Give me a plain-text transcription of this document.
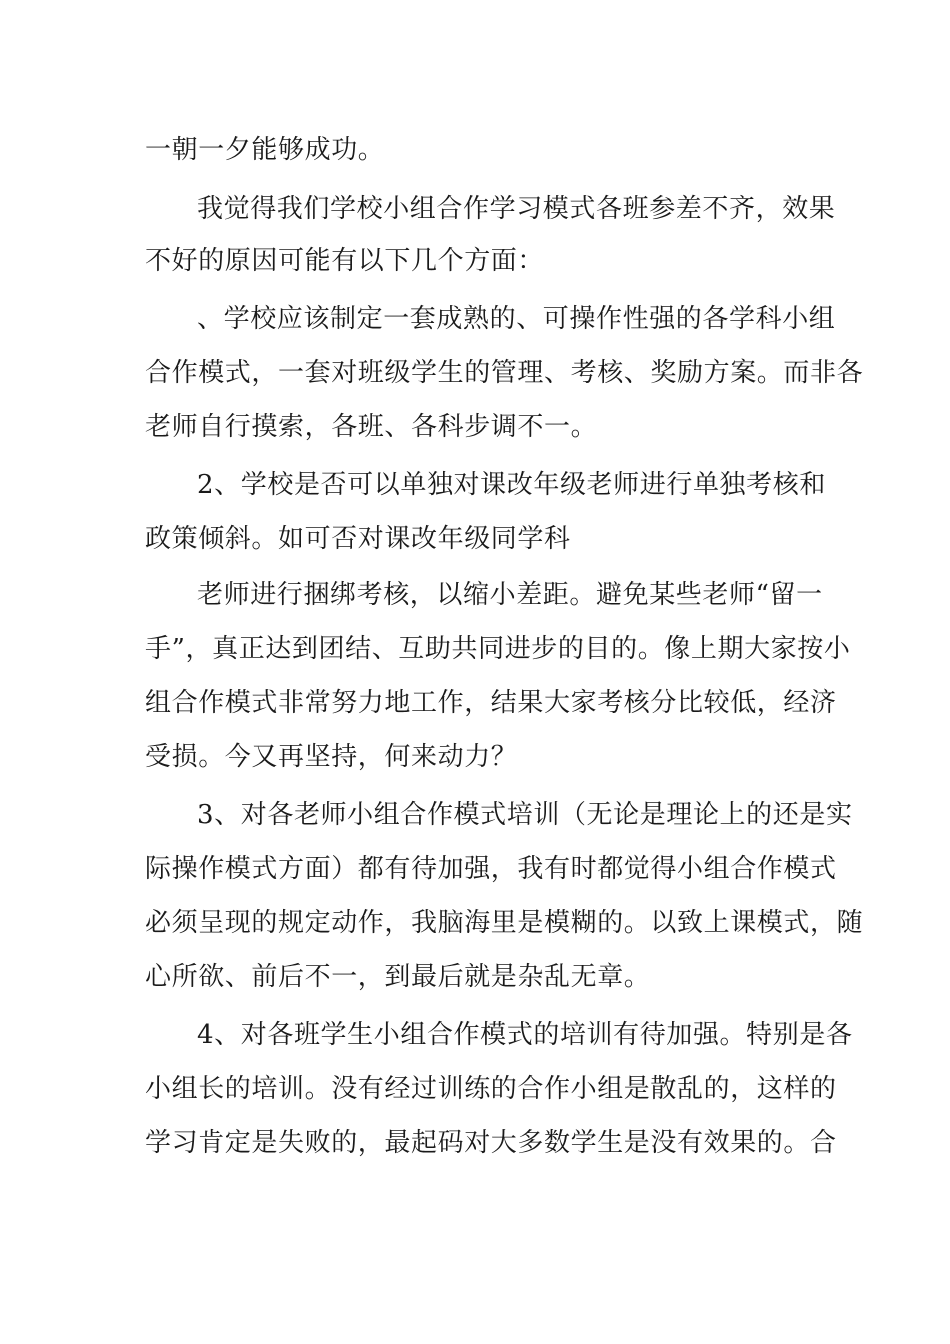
一朝一夕能够成功。

我觉得我们学校小组合作学习模式各班参差不齐，效果

不好的原因可能有以下几个方面：

、学校应该制定一套成熟的、可操作性强的各学科小组

合作模式，一套对班级学生的管理、考核、奖励方案。而非各

老师自行摸索，各班、各科步调不一。

2、学校是否可以单独对课改年级老师进行单独考核和

政策倾斜。如可否对课改年级同学科

老师进行捆绑考核，以缩小差距。避免某些老师“留一

手”，真正达到团结、互助共同进步的目的。像上期大家按小

组合作模式非常努力地工作，结果大家考核分比较低，经济

受损。今又再坚持，何来动力？

3、对各老师小组合作模式培训（无论是理论上的还是实

际操作模式方面）都有待加强，我有时都觉得小组合作模式

必须呈现的规定动作，我脑海里是模糊的。以致上课模式，随

心所欲、前后不一，到最后就是杂乱无章。

4、对各班学生小组合作模式的培训有待加强。特别是各

小组长的培训。没有经过训练的合作小组是散乱的，这样的

学习肯定是失败的，最起码对大多数学生是没有效果的。合
